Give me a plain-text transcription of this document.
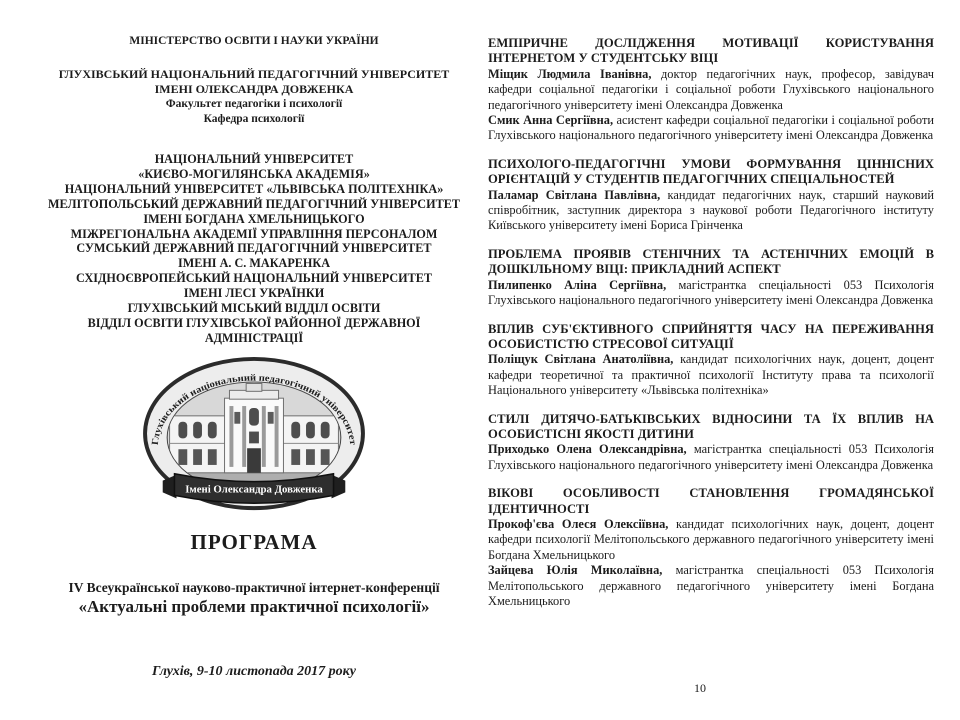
МІНІСТЕРСТВО ОСВІТИ І НАУКИ УКРАЇНИ
ГЛУХІВСЬКИЙ НАЦІОНАЛЬНИЙ ПЕДАГОГІЧНИЙ УНІВЕРСИТЕТ
ІМЕНІ ОЛЕКСАНДРА ДОВЖЕНКА
Факультет педагогіки і психології
Кафедра психології
НАЦІОНАЛЬНИЙ УНІВЕРСИТЕТ
«КИЄВО-МОГИЛЯНСЬКА АКАДЕМІЯ»
НАЦІОНАЛЬНИЙ УНІВЕРСИТЕТ «ЛЬВІВСЬКА ПОЛІТЕХНІКА»
МЕЛІТОПОЛЬСЬКИЙ ДЕРЖАВНИЙ ПЕДАГОГІЧНИЙ УНІВЕРСИТЕТ
ІМЕНІ БОГДАНА ХМЕЛЬНИЦЬКОГО
МІЖРЕГІОНАЛЬНА АКАДЕМІЇ УПРАВЛІННЯ ПЕРСОНАЛОМ
СУМСЬКИЙ ДЕРЖАВНИЙ ПЕДАГОГІЧНИЙ УНІВЕРСИТЕТ
ІМЕНІ А. С. МАКАРЕНКА
СХІДНОЄВРОПЕЙСЬКИЙ НАЦІОНАЛЬНИЙ УНІВЕРСИТЕТ
ІМЕНІ ЛЕСІ УКРАЇНКИ
ГЛУХІВСЬКИЙ МІСЬКИЙ ВІДДІЛ ОСВІТИ
ВІДДІЛ ОСВІТИ ГЛУХІВСЬКОЇ РАЙОННОЇ ДЕРЖАВНОЇ АДМІНІСТРАЦІЇ
Глухівський національний педагогічний університет
Імені Олександра Довженка
ПРОГРАМА
IV Всеукраїнської науково-практичної інтернет-конференції
«Актуальні проблеми практичної психології»
Глухів, 9-10 листопада 2017 року

ЕМПІРИЧНЕ ДОСЛІДЖЕННЯ МОТИВАЦІЇ КОРИСТУВАННЯ ІНТЕРНЕТОМ У СТУДЕНТСЬКУ ВІЦІ

Міщик Людмила Іванівна, доктор педагогічних наук, професор, завідувач кафедри соціальної педагогіки і соціальної роботи Глухівського національного педагогічного університету імені Олександра Довженка

Смик Анна Сергіївна, асистент кафедри соціальної педагогіки і соціальної роботи Глухівського національного педагогічного університету імені Олександра Довженка

ПСИХОЛОГО-ПЕДАГОГІЧНІ УМОВИ ФОРМУВАННЯ ЦІННІСНИХ ОРІЄНТАЦІЙ У СТУДЕНТІВ ПЕДАГОГІЧНИХ СПЕЦІАЛЬНОСТЕЙ

Паламар Світлана Павлівна, кандидат педагогічних наук, старший науковий співробітник, заступник директора з наукової роботи Педагогічного інституту Київського університету імені Бориса Грінченка

ПРОБЛЕМА ПРОЯВІВ СТЕНІЧНИХ ТА АСТЕНІЧНИХ ЕМОЦІЙ В ДОШКІЛЬНОМУ ВІЦІ: ПРИКЛАДНИЙ АСПЕКТ

Пилипенко Аліна Сергіївна, магістрантка спеціальності 053 Психологія Глухівського національного педагогічного університету імені Олександра Довженка

ВПЛИВ СУБ'ЄКТИВНОГО СПРИЙНЯТТЯ ЧАСУ НА ПЕРЕЖИВАННЯ ОСОБИСТІСТЮ СТРЕСОВОЇ СИТУАЦІЇ

Поліщук Світлана Анатоліївна, кандидат психологічних наук, доцент, доцент кафедри теоретичної та практичної психології Інституту права та психології Національного університету «Львівська політехніка»

СТИЛІ ДИТЯЧО-БАТЬКІВСЬКИХ ВІДНОСИНИ ТА ЇХ ВПЛИВ НА ОСОБИСТІСНІ ЯКОСТІ ДИТИНИ

Приходько Олена Олександрівна, магістрантка спеціальності 053 Психологія Глухівського національного педагогічного університету імені Олександра Довженка

ВІКОВІ ОСОБЛИВОСТІ СТАНОВЛЕННЯ ГРОМАДЯНСЬКОЇ ІДЕНТИЧНОСТІ

Прокоф'єва Олеся Олексіївна, кандидат психологічних наук, доцент, доцент кафедри психології Мелітопольського державного педагогічного університету імені Богдана Хмельницького

Зайцева Юлія Миколаївна, магістрантка спеціальності 053 Психологія Мелітопольського державного педагогічного університету імені Богдана Хмельницького

10
